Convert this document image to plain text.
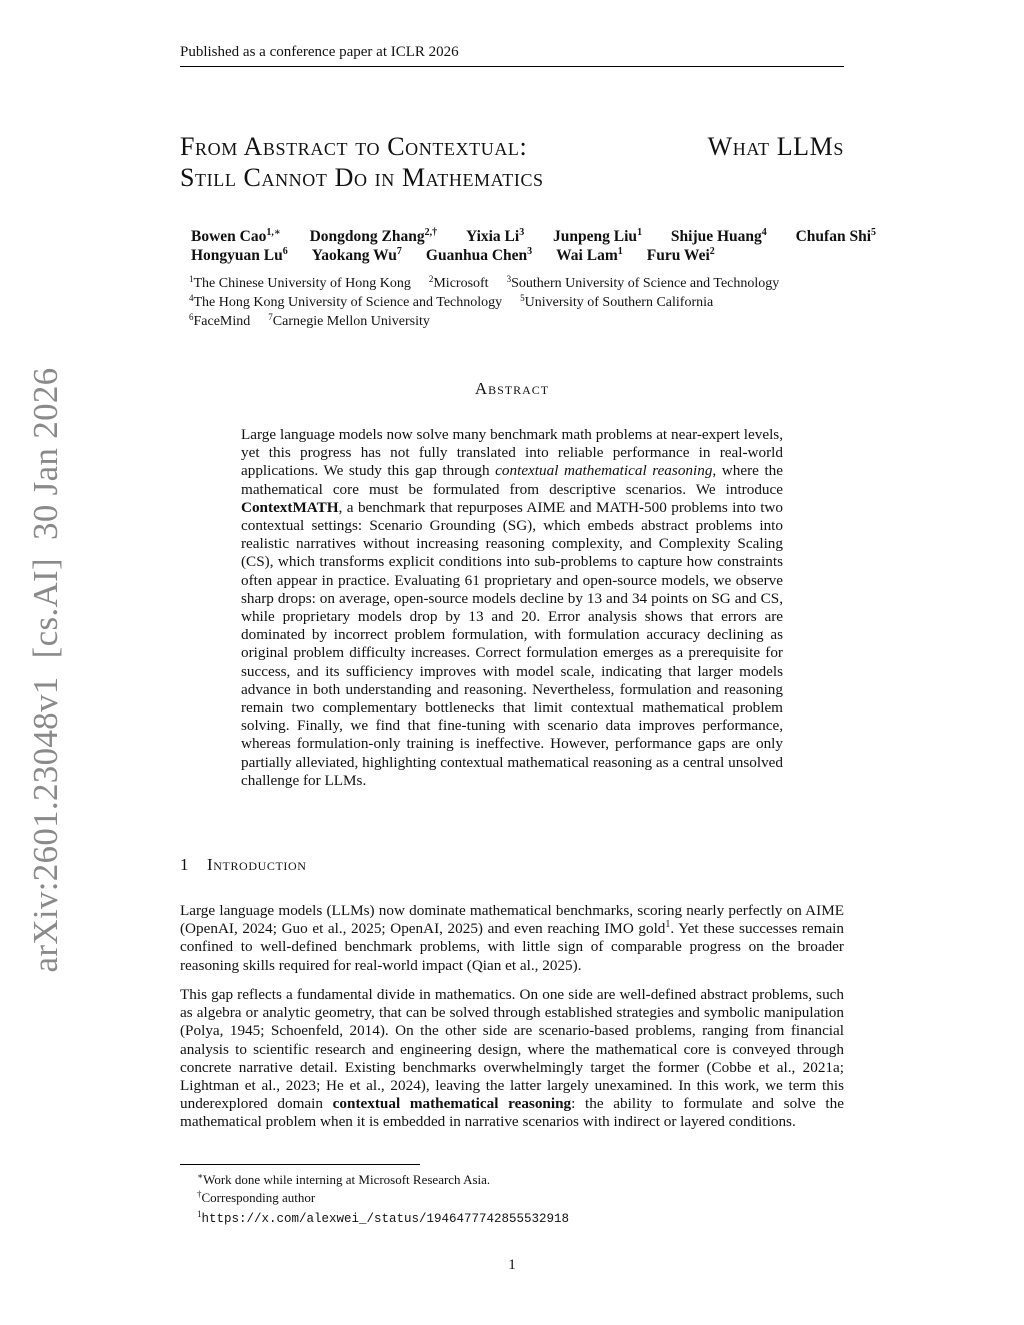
Published as a conference paper at ICLR 2026
From Abstract to Contextual:	What LLMs
Still Cannot Do in Mathematics
Bowen Cao$^{1,∗}$ Dongdong Zhang$^{2,\dagger}$ Yixia Li$^3$ Junpeng Liu$^1$ Shijue Huang$^4$ Chufan Shi$^5$
Hongyuan Lu$^6$ Yaokang Wu$^7$ Guanhua Chen$^3$ Wai Lam$^1$ Furu Wei$^2$
$^1$The Chinese University of Hong Kong $^2$Microsoft $^3$Southern University of Science and Technology
$^4$The Hong Kong University of Science and Technology $^5$University of Southern California
$^6$FaceMind $^7$Carnegie Mellon University
Abstract
Large language models now solve many benchmark math problems at near-expert levels, yet this progress has not fully translated into reliable performance in real-world applications. We study this gap through contextual mathematical reasoning, where the mathematical core must be formulated from descriptive scenarios. We introduce ContextMATH, a benchmark that repurposes AIME and MATH-500 problems into two contextual settings: Scenario Grounding (SG), which embeds abstract problems into realistic narratives without increasing reasoning complexity, and Complexity Scaling (CS), which transforms explicit conditions into sub-problems to capture how constraints often appear in practice. Evaluating 61 proprietary and open-source models, we observe sharp drops: on average, open-source models decline by 13 and 34 points on SG and CS, while proprietary models drop by 13 and 20. Error analysis shows that errors are dominated by incorrect problem formulation, with formulation accuracy declining as original problem difficulty increases. Correct formulation emerges as a prerequisite for success, and its sufficiency improves with model scale, indicating that larger models advance in both understanding and reasoning. Nevertheless, formulation and reasoning remain two complementary bottlenecks that limit contextual mathematical problem solving. Finally, we find that fine-tuning with scenario data improves performance, whereas formulation-only training is ineffective. However, performance gaps are only partially alleviated, highlighting contextual mathematical reasoning as a central unsolved challenge for LLMs.
1 Introduction
Large language models (LLMs) now dominate mathematical benchmarks, scoring nearly perfectly on AIME (OpenAI, 2024; Guo et al., 2025; OpenAI, 2025) and even reaching IMO gold$^1$. Yet these successes remain confined to well-defined benchmark problems, with little sign of comparable progress on the broader reasoning skills required for real-world impact (Qian et al., 2025).
This gap reflects a fundamental divide in mathematics. On one side are well-defined abstract problems, such as algebra or analytic geometry, that can be solved through established strategies and symbolic manipulation (Polya, 1945; Schoenfeld, 2014). On the other side are scenario-based problems, ranging from financial analysis to scientific research and engineering design, where the mathematical core is conveyed through concrete narrative detail. Existing benchmarks overwhelmingly target the former (Cobbe et al., 2021a; Lightman et al., 2023; He et al., 2024), leaving the latter largely unexamined. In this work, we term this underexplored domain contextual mathematical reasoning: the ability to formulate and solve the mathematical problem when it is embedded in narrative scenarios with indirect or layered conditions.
∗Work done while interning at Microsoft Research Asia.
†Corresponding author
$^1$https://x.com/alexwei_/status/1946477742855532918
1
arXiv:2601.23048v1  [cs.AI]  30 Jan 2026
